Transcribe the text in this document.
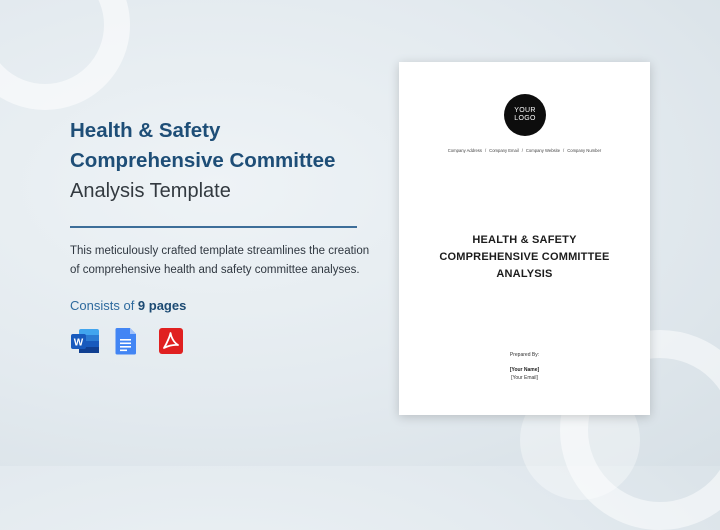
Health & Safety
Comprehensive Committee
Analysis Template
This meticulously crafted template streamlines the creation of comprehensive health and safety committee analyses.
Consists of 9 pages
W
YOUR
LOGO
Company Address / Company Email / Company Website / Company Number
HEALTH & SAFETY
COMPREHENSIVE COMMITTEE
ANALYSIS
Prepared By:
[Your Name]
[Your Email]
